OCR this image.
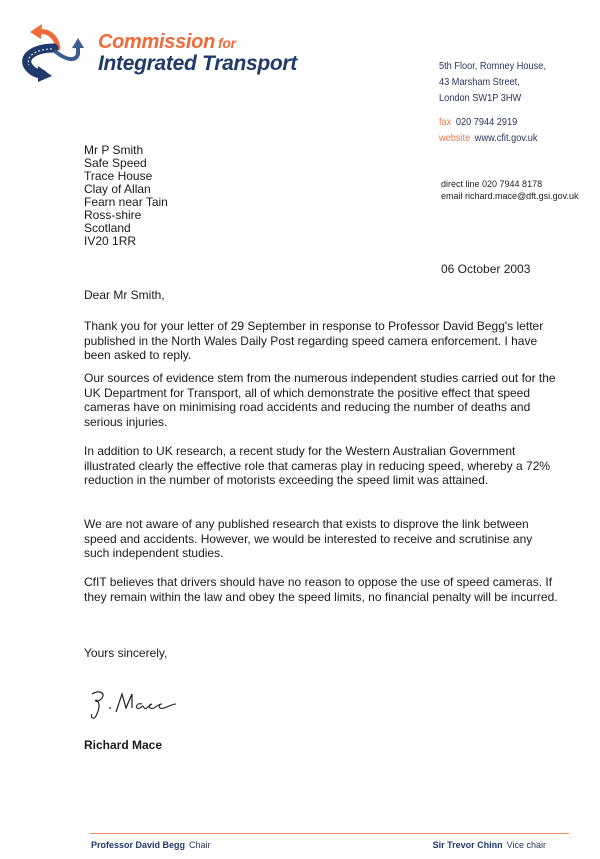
Commission for
Integrated Transport	5th Floor, Romney House,
43 Marsham Street,
London SW1P 3HW
fax 020 7944 2919
website www.cfit.gov.uk
Mr P Smith
Safe Speed
Trace House
Clay of Allan
Fearn near Tain
Ross-shire
Scotland
IV20 1RR
direct line 020 7944 8178
email richard.mace@dft.gsi.gov.uk
06 October 2003
Dear Mr Smith,

Thank you for your letter of 29 September in response to Professor David Begg's letter published in the North Wales Daily Post regarding speed camera enforcement. I have been asked to reply.

Our sources of evidence stem from the numerous independent studies carried out for the UK Department for Transport, all of which demonstrate the positive effect that speed cameras have on minimising road accidents and reducing the number of deaths and serious injuries.

In addition to UK research, a recent study for the Western Australian Government illustrated clearly the effective role that cameras play in reducing speed, whereby a 72% reduction in the number of motorists exceeding the speed limit was attained.

We are not aware of any published research that exists to disprove the link between speed and accidents. However, we would be interested to receive and scrutinise any such independent studies.

CfIT believes that drivers should have no reason to oppose the use of speed cameras. If they remain within the law and obey the speed limits, no financial penalty will be incurred.

Yours sincerely,
Richard Mace
Professor David Begg Chair	Sir Trevor Chinn Vice chair
